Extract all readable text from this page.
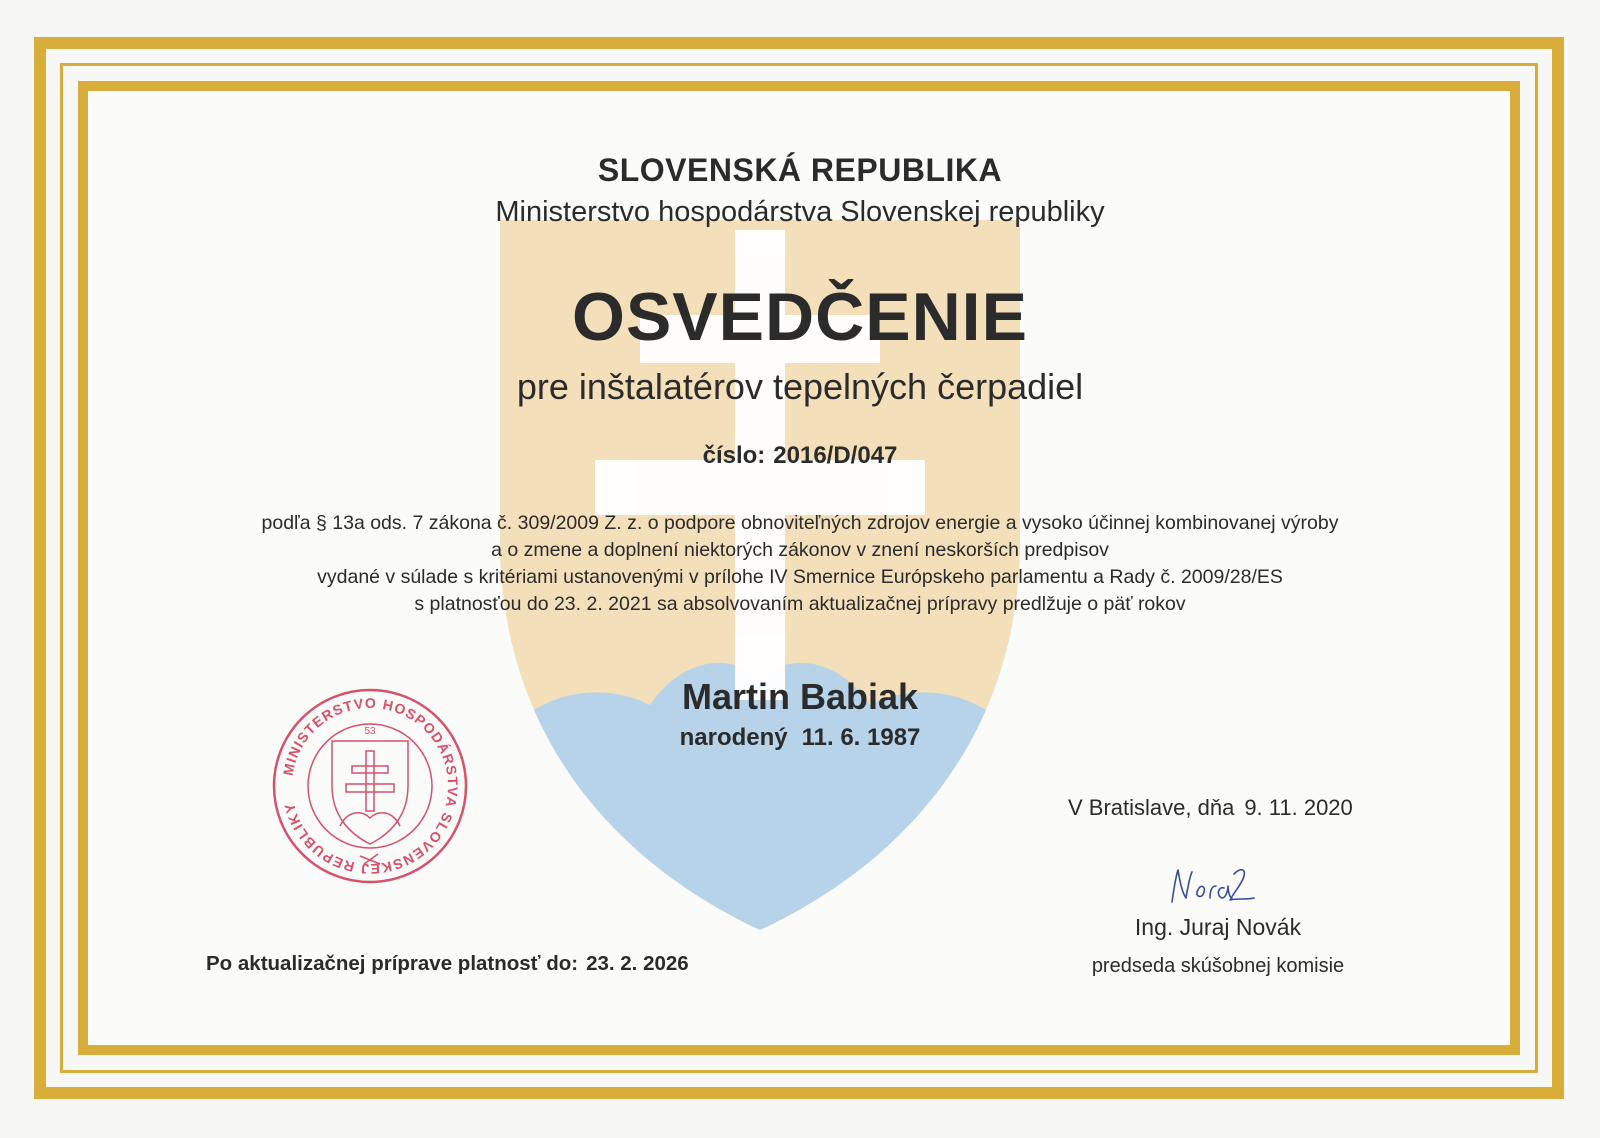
SLOVENSKÁ REPUBLIKA
Ministerstvo hospodárstva Slovenskej republiky
OSVEDČENIE
pre inštalatérov tepelných čerpadiel
číslo: 2016/D/047
podľa § 13a ods. 7 zákona č. 309/2009 Z. z. o podpore obnoviteľných zdrojov energie a vysoko účinnej kombinovanej výroby
a o zmene a doplnení niektorých zákonov v znení neskorších predpisov
vydané v súlade s kritériami ustanovenými v prílohe IV Smernice Európskeho parlamentu a Rady č. 2009/28/ES
s platnosťou do 23. 2. 2021 sa absolvovaním aktualizačnej prípravy predlžuje o päť rokov
Martin Babiak
narodený 11. 6. 1987
MINISTERSTVO HOSPODÁRSTVA SLOVENSKEJ REPUBLIKY
53
Po aktualizačnej príprave platnosť do: 23. 2. 2026
V Bratislave, dňa 9. 11. 2020
Ing. Juraj Novák
predseda skúšobnej komisie
